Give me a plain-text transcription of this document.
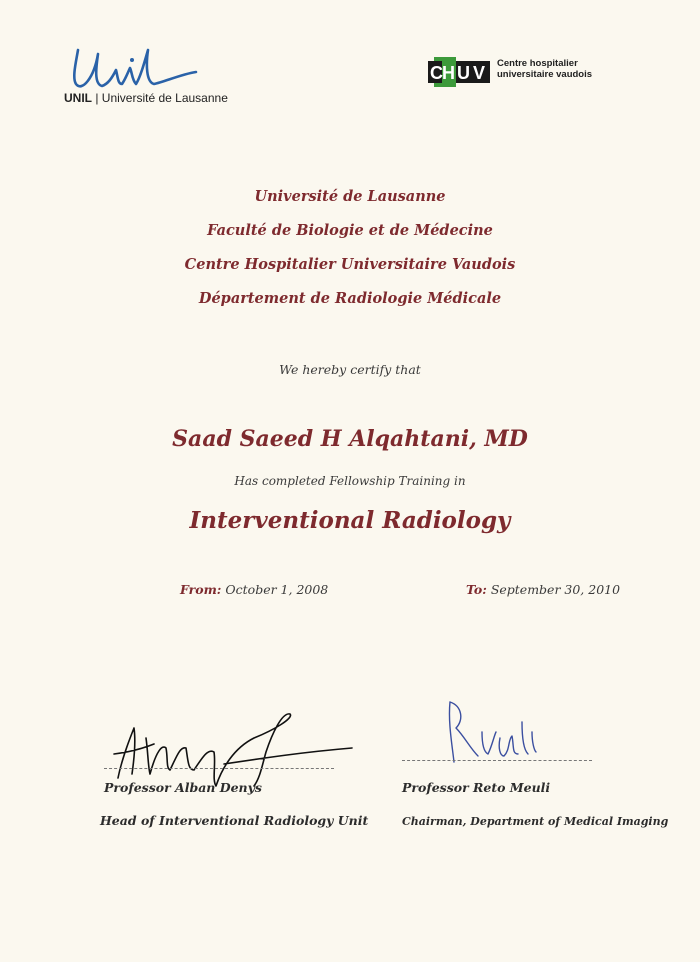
UNIL | Université de Lausanne
C H U V Centre hospitalier
universitaire vaudois
Université de Lausanne
Faculté de Biologie et de Médecine
Centre Hospitalier Universitaire Vaudois
Département de Radiologie Médicale
We hereby certify that
Saad Saeed H Alqahtani, MD
Has completed Fellowship Training in
Interventional Radiology
From: October 1, 2008	To: September 30, 2010
Professor Alban Denys	Professor Reto Meuli
Head of Interventional Radiology Unit	Chairman, Department of Medical Imaging
